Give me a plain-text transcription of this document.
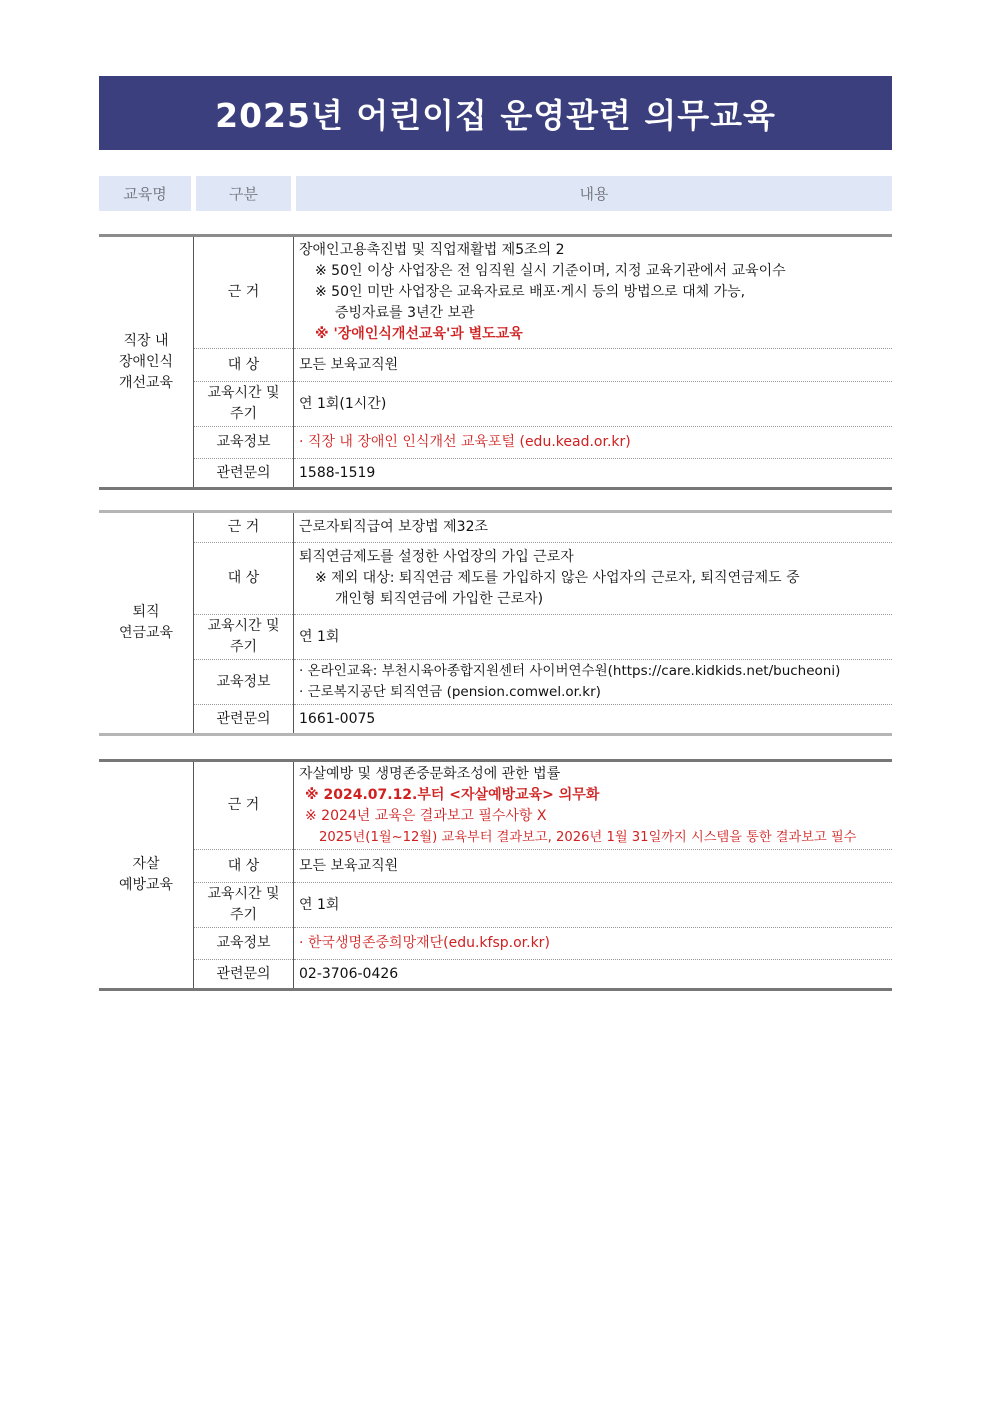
2025년 어린이집 운영관련 의무교육
교육명	구분	내용
직장 내
장애인식
개선교육	근 거	장애인고용촉진법 및 직업재활법 제5조의 2
※ 50인 이상 사업장은 전 임직원 실시 기준이며, 지정 교육기관에서 교육이수
※ 50인 미만 사업장은 교육자료로 배포·게시 등의 방법으로 대체 가능,
증빙자료를 3년간 보관
※ '장애인식개선교육'과 별도교육

	대 상	모든 보육교직원

	교육시간 및
주기	연 1회(1시간)
	교육정보	· 직장 내 장애인 인식개선 교육포털 (edu.kead.or.kr)
	관련문의	1588-1519
퇴직
연금교육	근 거	근로자퇴직급여 보장법 제32조
	대 상	퇴직연금제도를 설정한 사업장의 가입 근로자
※ 제외 대상: 퇴직연금 제도를 가입하지 않은 사업자의 근로자, 퇴직연금제도 중
개인형 퇴직연금에 가입한 근로자)

	교육시간 및
주기	연 1회
	교육정보	· 온라인교육: 부천시육아종합지원센터 사이버연수원(https://care.kidkids.net/bucheoni)
· 근로복지공단 퇴직연금 (pension.comwel.or.kr)

	관련문의	1661-0075
자살
예방교육	근 거	자살예방 및 생명존중문화조성에 관한 법률
※ 2024.07.12.부터 <자살예방교육> 의무화
※ 2024년 교육은 결과보고 필수사항 X
2025년(1월~12월) 교육부터 결과보고, 2026년 1월 31일까지 시스템을 통한 결과보고 필수

	대 상	모든 보육교직원

	교육시간 및
주기	연 1회
	교육정보	· 한국생명존중희망재단(edu.kfsp.or.kr)
	관련문의	02-3706-0426
